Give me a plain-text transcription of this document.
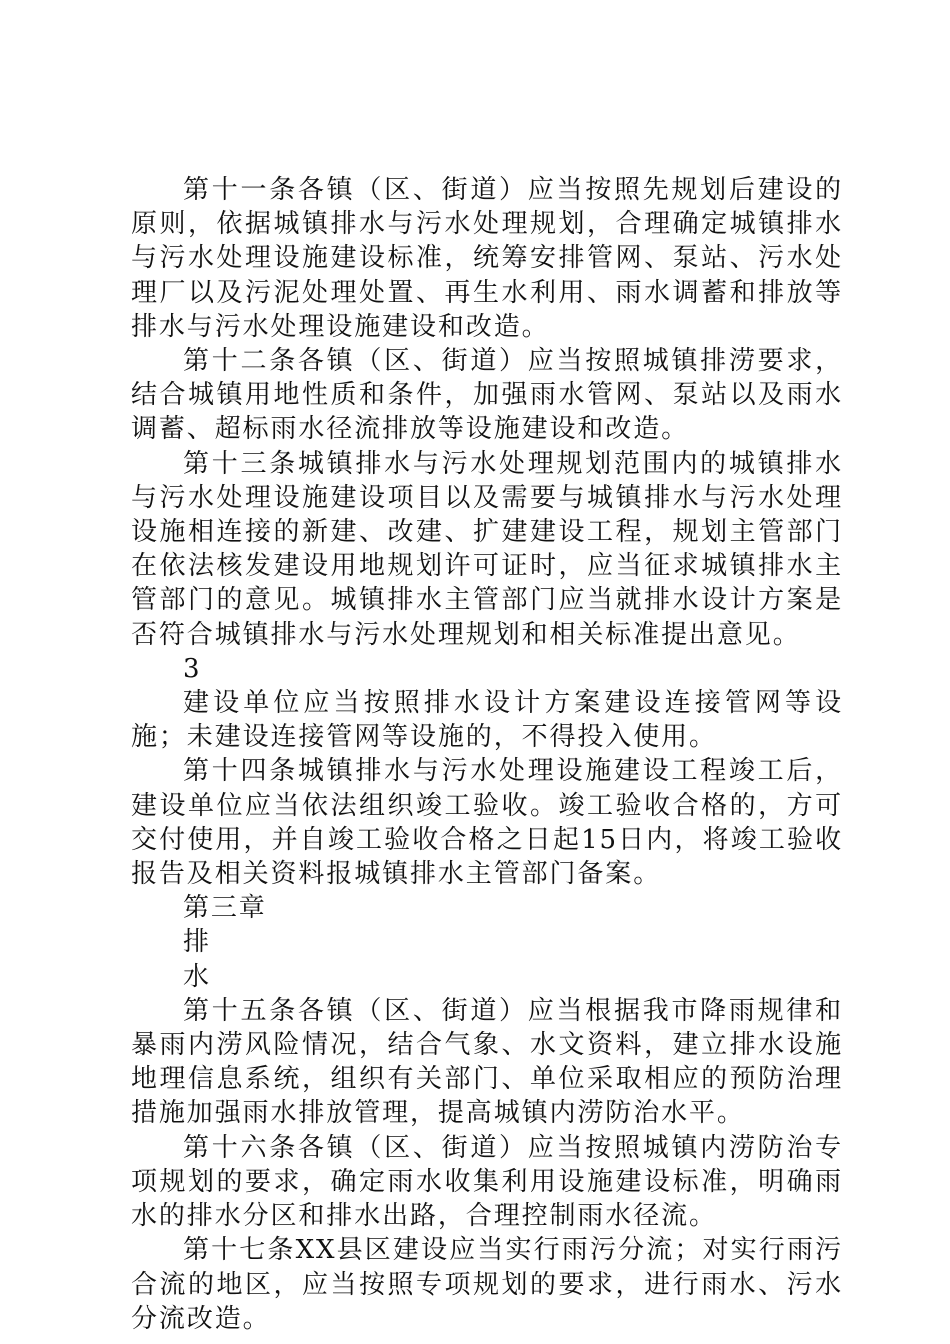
第十一条各镇（区、街道）应当按照先规划后建设的原则，依据城镇排水与污水处理规划，合理确定城镇排水与污水处理设施建设标准，统筹安排管网、泵站、污水处理厂以及污泥处理处置、再生水利用、雨水调蓄和排放等排水与污水处理设施建设和改造。

第十二条各镇（区、街道）应当按照城镇排涝要求，结合城镇用地性质和条件，加强雨水管网、泵站以及雨水调蓄、超标雨水径流排放等设施建设和改造。

第十三条城镇排水与污水处理规划范围内的城镇排水与污水处理设施建设项目以及需要与城镇排水与污水处理设施相连接的新建、改建、扩建建设工程，规划主管部门在依法核发建设用地规划许可证时，应当征求城镇排水主管部门的意见。城镇排水主管部门应当就排水设计方案是否符合城镇排水与污水处理规划和相关标准提出意见。

3

建设单位应当按照排水设计方案建设连接管网等设施；未建设连接管网等设施的，不得投入使用。

第十四条城镇排水与污水处理设施建设工程竣工后，建设单位应当依法组织竣工验收。竣工验收合格的，方可交付使用，并自竣工验收合格之日起15日内，将竣工验收报告及相关资料报城镇排水主管部门备案。

第三章

排

水

第十五条各镇（区、街道）应当根据我市降雨规律和暴雨内涝风险情况，结合气象、水文资料，建立排水设施地理信息系统，组织有关部门、单位采取相应的预防治理措施加强雨水排放管理，提高城镇内涝防治水平。

第十六条各镇（区、街道）应当按照城镇内涝防治专项规划的要求，确定雨水收集利用设施建设标准，明确雨水的排水分区和排水出路，合理控制雨水径流。

第十七条XX县区建设应当实行雨污分流；对实行雨污合流的地区，应当按照专项规划的要求，进行雨水、污水分流改造。
